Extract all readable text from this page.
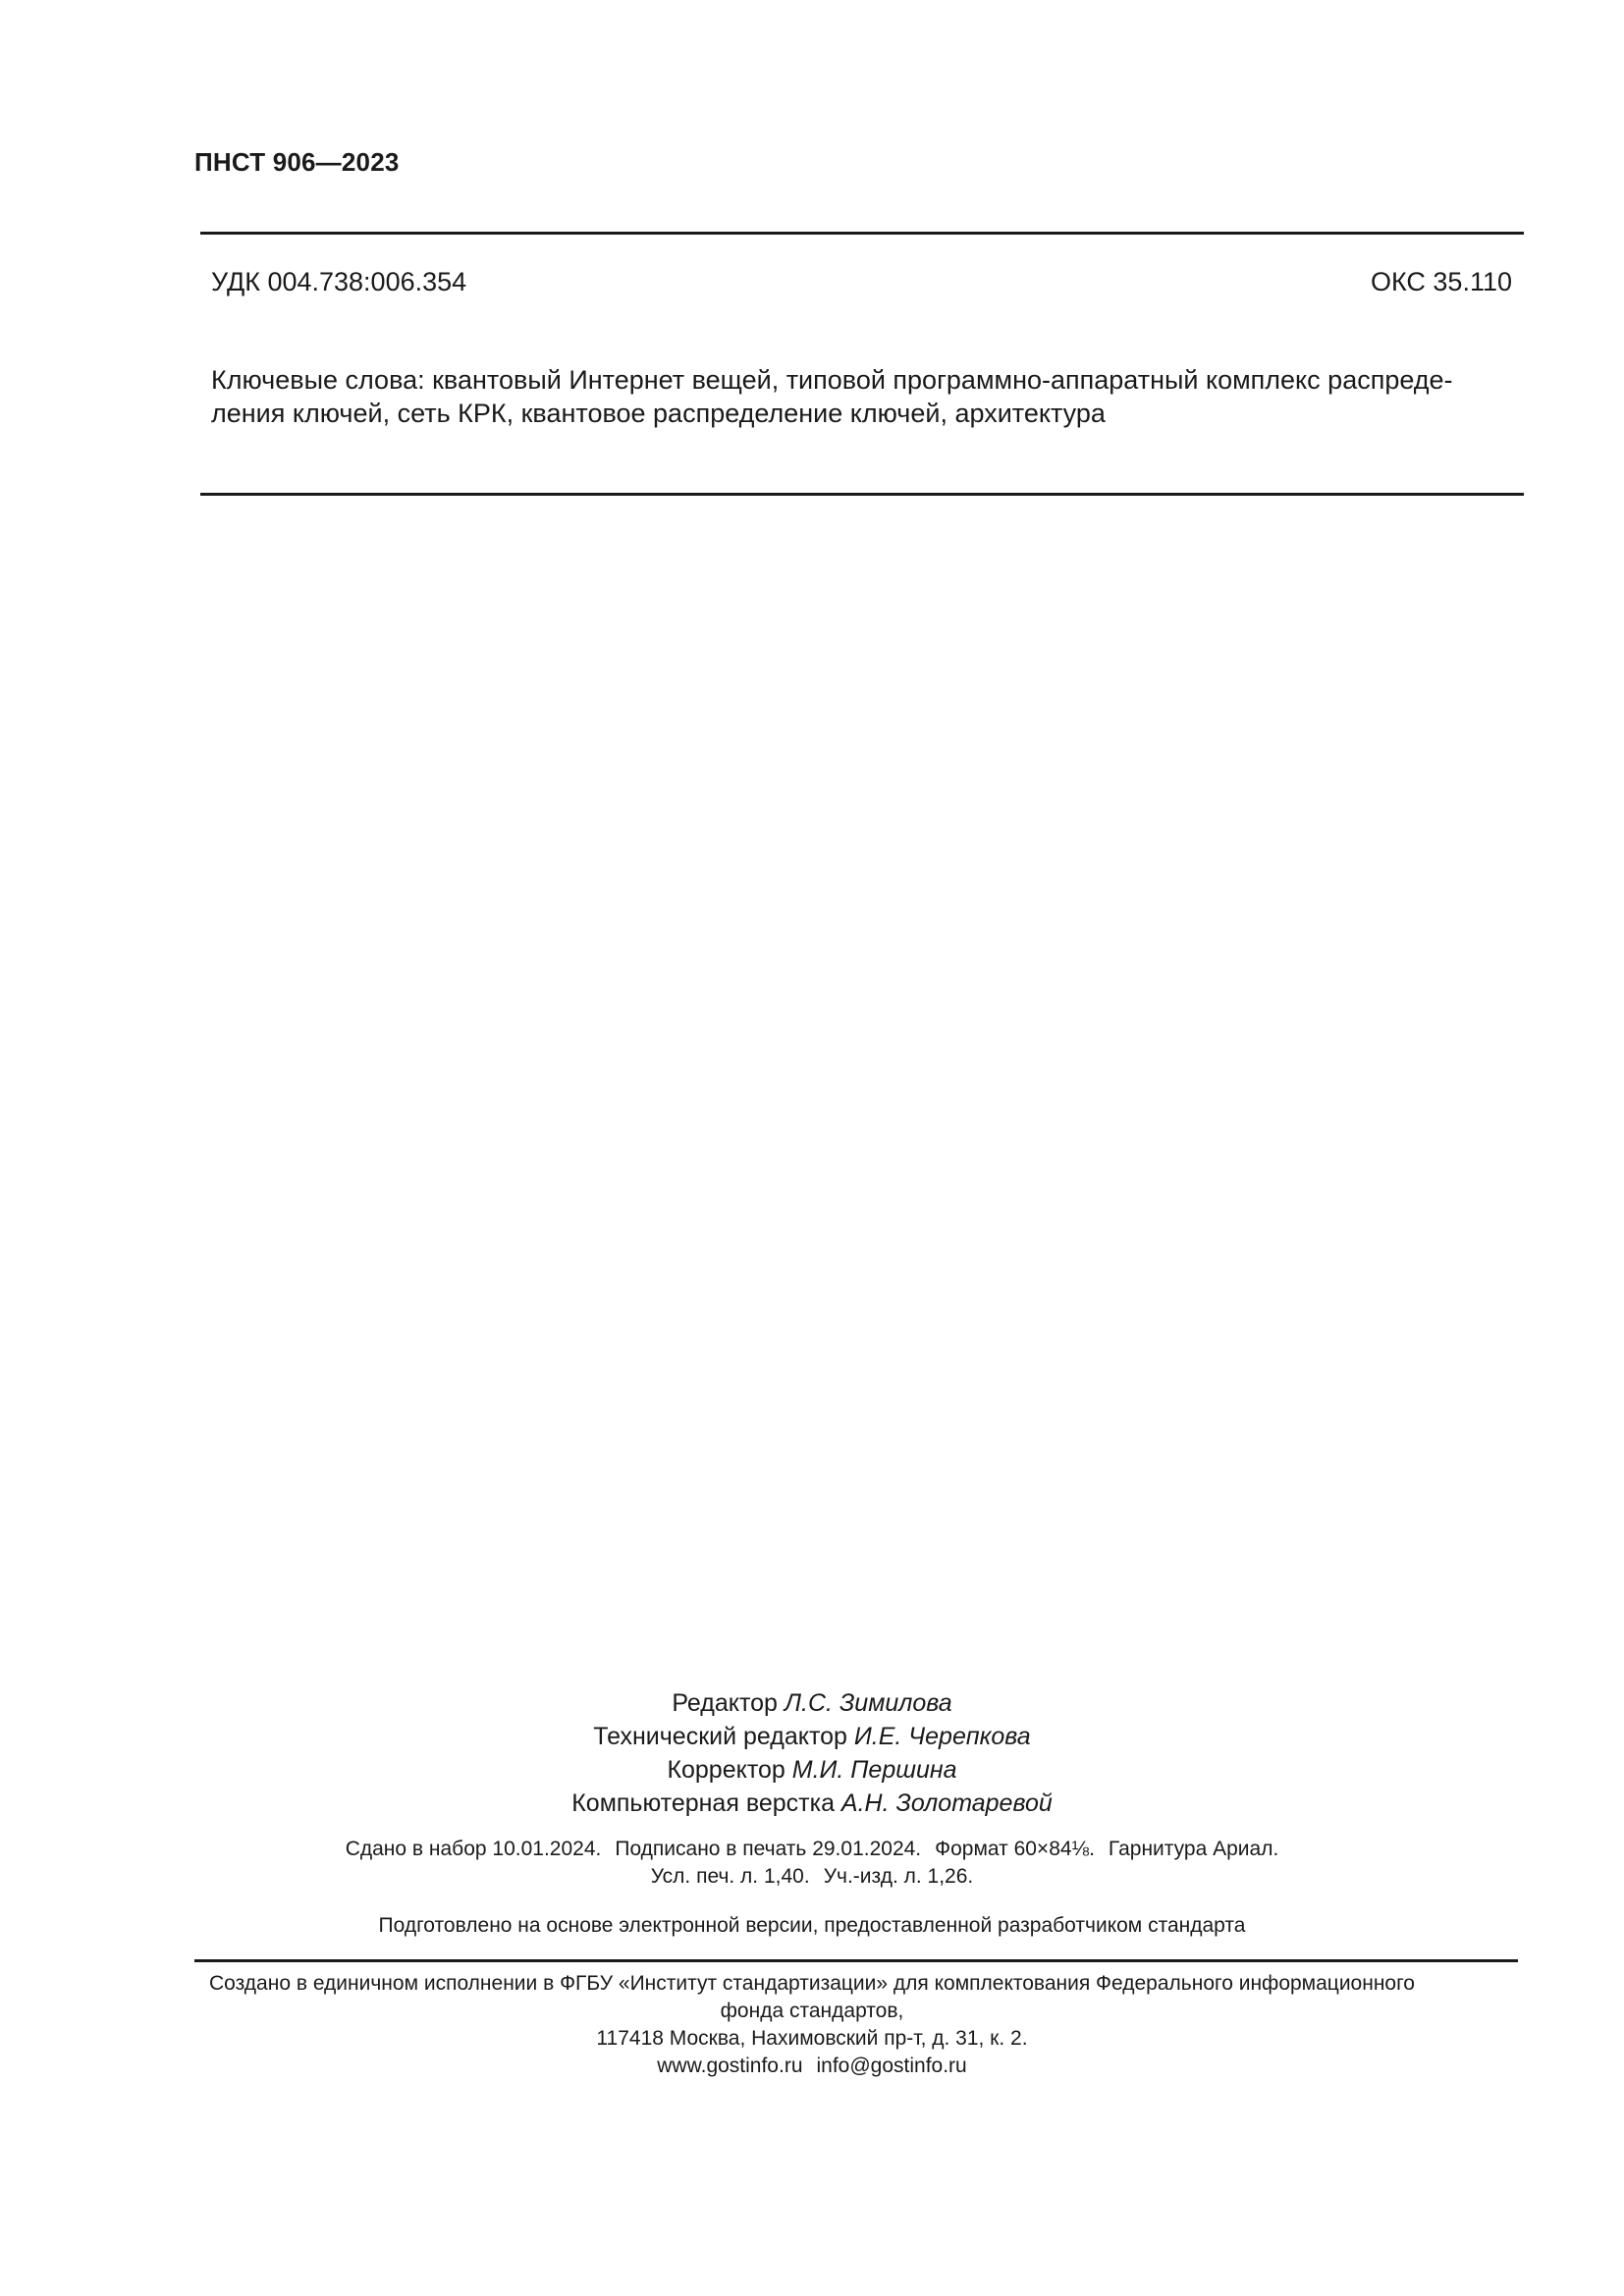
ПНСТ 906—2023
УДК 004.738:006.354	ОКС 35.110
Ключевые слова: квантовый Интернет вещей, типовой программно-аппаратный комплекс распреде-
ления ключей, сеть КРК, квантовое распределение ключей, архитектура
Редактор Л.С. Зимилова
Технический редактор И.Е. Черепкова
Корректор М.И. Першина
Компьютерная верстка А.Н. Золотаревой
Сдано в набор 10.01.2024. Подписано в печать 29.01.2024. Формат 60×84⅛. Гарнитура Ариал.
Усл. печ. л. 1,40. Уч.-изд. л. 1,26.
Подготовлено на основе электронной версии, предоставленной разработчиком стандарта
Создано в единичном исполнении в ФГБУ «Институт стандартизации» для комплектования Федерального информационного
фонда стандартов,
117418 Москва, Нахимовский пр-т, д. 31, к. 2.
www.gostinfo.ru info@gostinfo.ru
